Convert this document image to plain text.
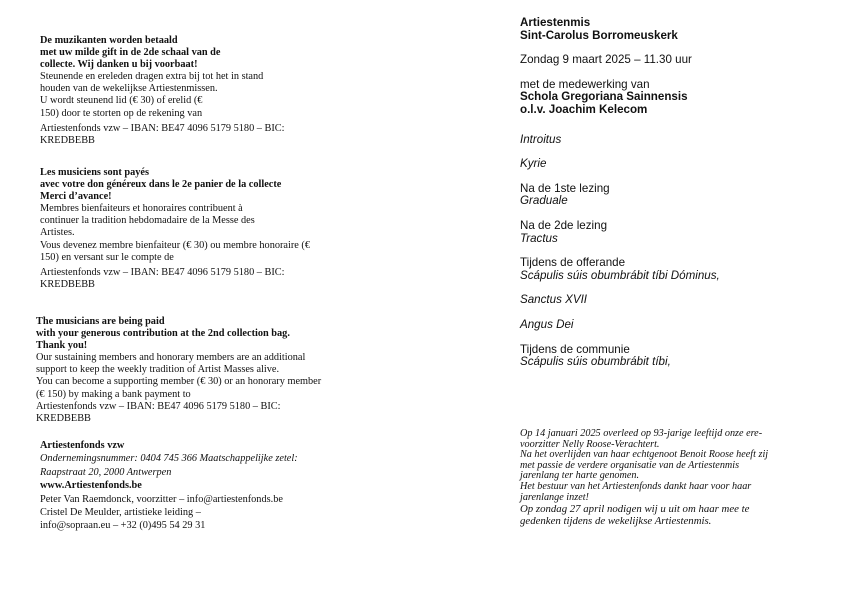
De muzikanten worden betaald
met uw milde gift in de 2de schaal van de
collecte. Wij danken u bij voorbaat!
Steunende en ereleden dragen extra bij tot het in stand
houden van de wekelijkse Artiestenmissen.
U wordt steunend lid (€ 30) of erelid (€
150) door te storten op de rekening van
Artiestenfonds vzw – IBAN: BE47 4096 5179 5180 – BIC:
KREDBEBB
Les musiciens sont payés
avec votre don généreux dans le 2e panier de la collecte
Merci d’avance!
Membres bienfaiteurs et honoraires contribuent à
continuer la tradition hebdomadaire de la Messe des
Artistes.
Vous devenez membre bienfaiteur (€ 30) ou membre honoraire (€
150) en versant sur le compte de
Artiestenfonds vzw – IBAN: BE47 4096 5179 5180 – BIC:
KREDBEBB
The musicians are being paid
with your generous contribution at the 2nd collection bag.
Thank you!
Our sustaining members and honorary members are an additional
support to keep the weekly tradition of Artist Masses alive.
You can become a supporting member (€ 30) or an honorary member
(€ 150) by making a bank payment to
Artiestenfonds vzw – IBAN: BE47 4096 5179 5180 – BIC:
KREDBEBB
Artiestenfonds vzw
Ondernemingsnummer: 0404 745 366 Maatschappelijke zetel:
Raapstraat 20, 2000 Antwerpen
www.Artiestenfonds.be
Peter Van Raemdonck, voorzitter – info@artiestenfonds.be
Cristel De Meulder, artistieke leiding –
info@sopraan.eu – +32 (0)495 54 29 31
Artiestenmis
Sint-Carolus Borromeuskerk
Zondag 9 maart 2025 – 11.30 uur
met de medewerking van
Schola Gregoriana Sainnensis
o.l.v. Joachim Kelecom
Introitus
Kyrie
Na de 1ste lezing
Graduale
Na de 2de lezing
Tractus
Tijdens de offerande
Scápulis súis obumbrábit tíbi Dóminus,
Sanctus XVII
Angus Dei
Tijdens de communie
Scápulis súis obumbrábit tíbi,
Op 14 januari 2025 overleed op 93-jarige leeftijd onze ere-
voorzitter Nelly Roose-Verachtert.
Na het overlijden van haar echtgenoot Benoit Roose heeft zij
met passie de verdere organisatie van de Artiestenmis
jarenlang ter harte genomen.
Het bestuur van het Artiestenfonds dankt haar voor haar
jarenlange inzet!
Op zondag 27 april nodigen wij u uit om haar mee te
gedenken tijdens de wekelijkse Artiestenmis.
